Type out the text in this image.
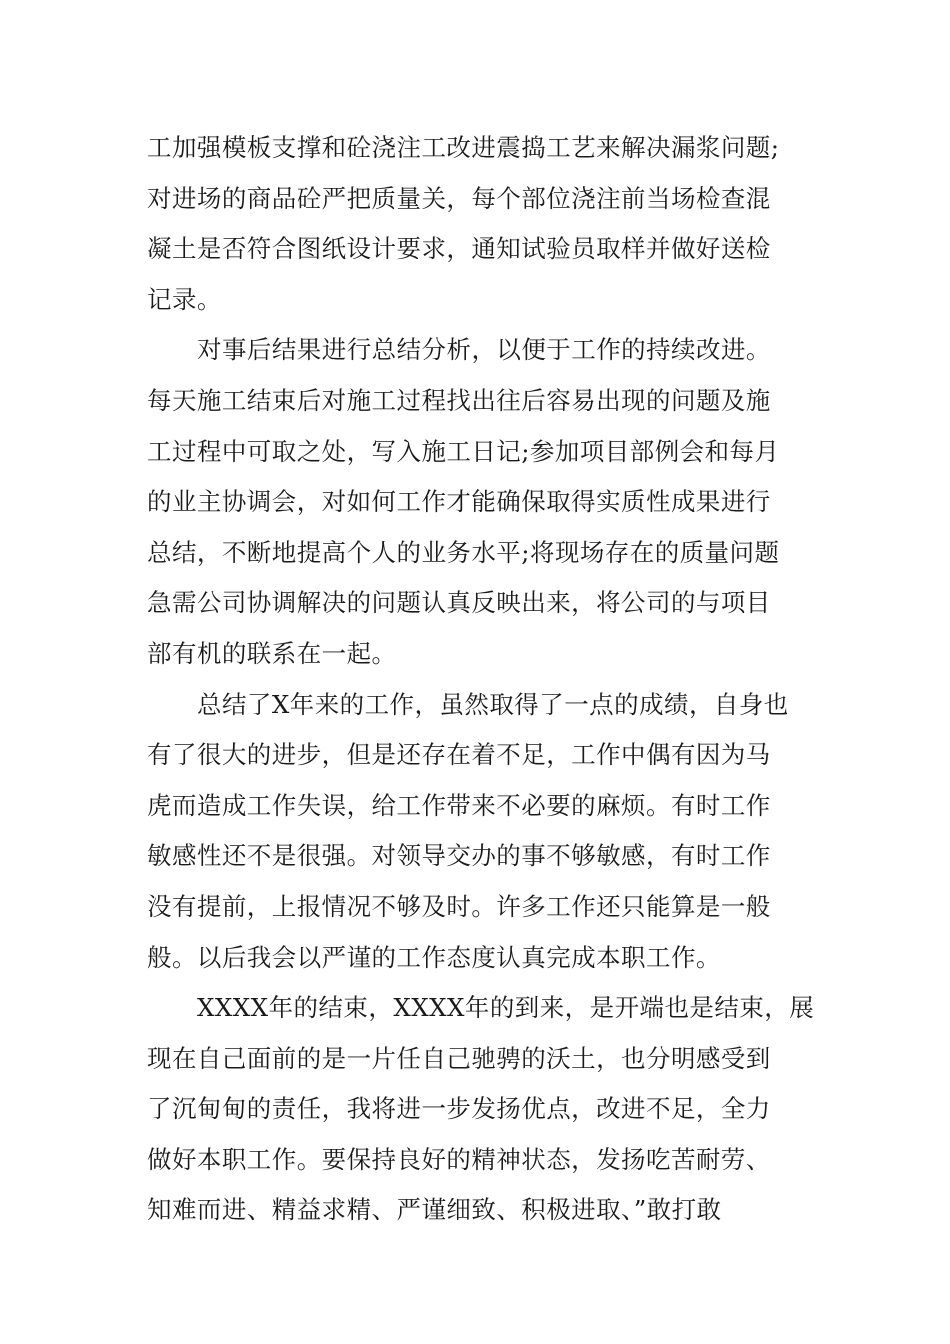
工加强模板支撑和砼浇注工改进震捣工艺来解决漏浆问题;
对进场的商品砼严把质量关，每个部位浇注前当场检查混
凝土是否符合图纸设计要求，通知试验员取样并做好送检
记录。
对事后结果进行总结分析，以便于工作的持续改进。
每天施工结束后对施工过程找出往后容易出现的问题及施
工过程中可取之处，写入施工日记;参加项目部例会和每月
的业主协调会，对如何工作才能确保取得实质性成果进行
总结，不断地提高个人的业务水平;将现场存在的质量问题
急需公司协调解决的问题认真反映出来，将公司的与项目
部有机的联系在一起。
总结了X年来的工作，虽然取得了一点的成绩，自身也
有了很大的进步，但是还存在着不足，工作中偶有因为马
虎而造成工作失误，给工作带来不必要的麻烦。有时工作
敏感性还不是很强。对领导交办的事不够敏感，有时工作
没有提前，上报情况不够及时。许多工作还只能算是一般
般。以后我会以严谨的工作态度认真完成本职工作。
XXXX年的结束，XXXX年的到来，是开端也是结束，展
现在自己面前的是一片任自己驰骋的沃土，也分明感受到
了沉甸甸的责任，我将进一步发扬优点，改进不足，全力
做好本职工作。要保持良好的精神状态，发扬吃苦耐劳、
知难而进、精益求精、严谨细致、积极进取、”敢打敢
